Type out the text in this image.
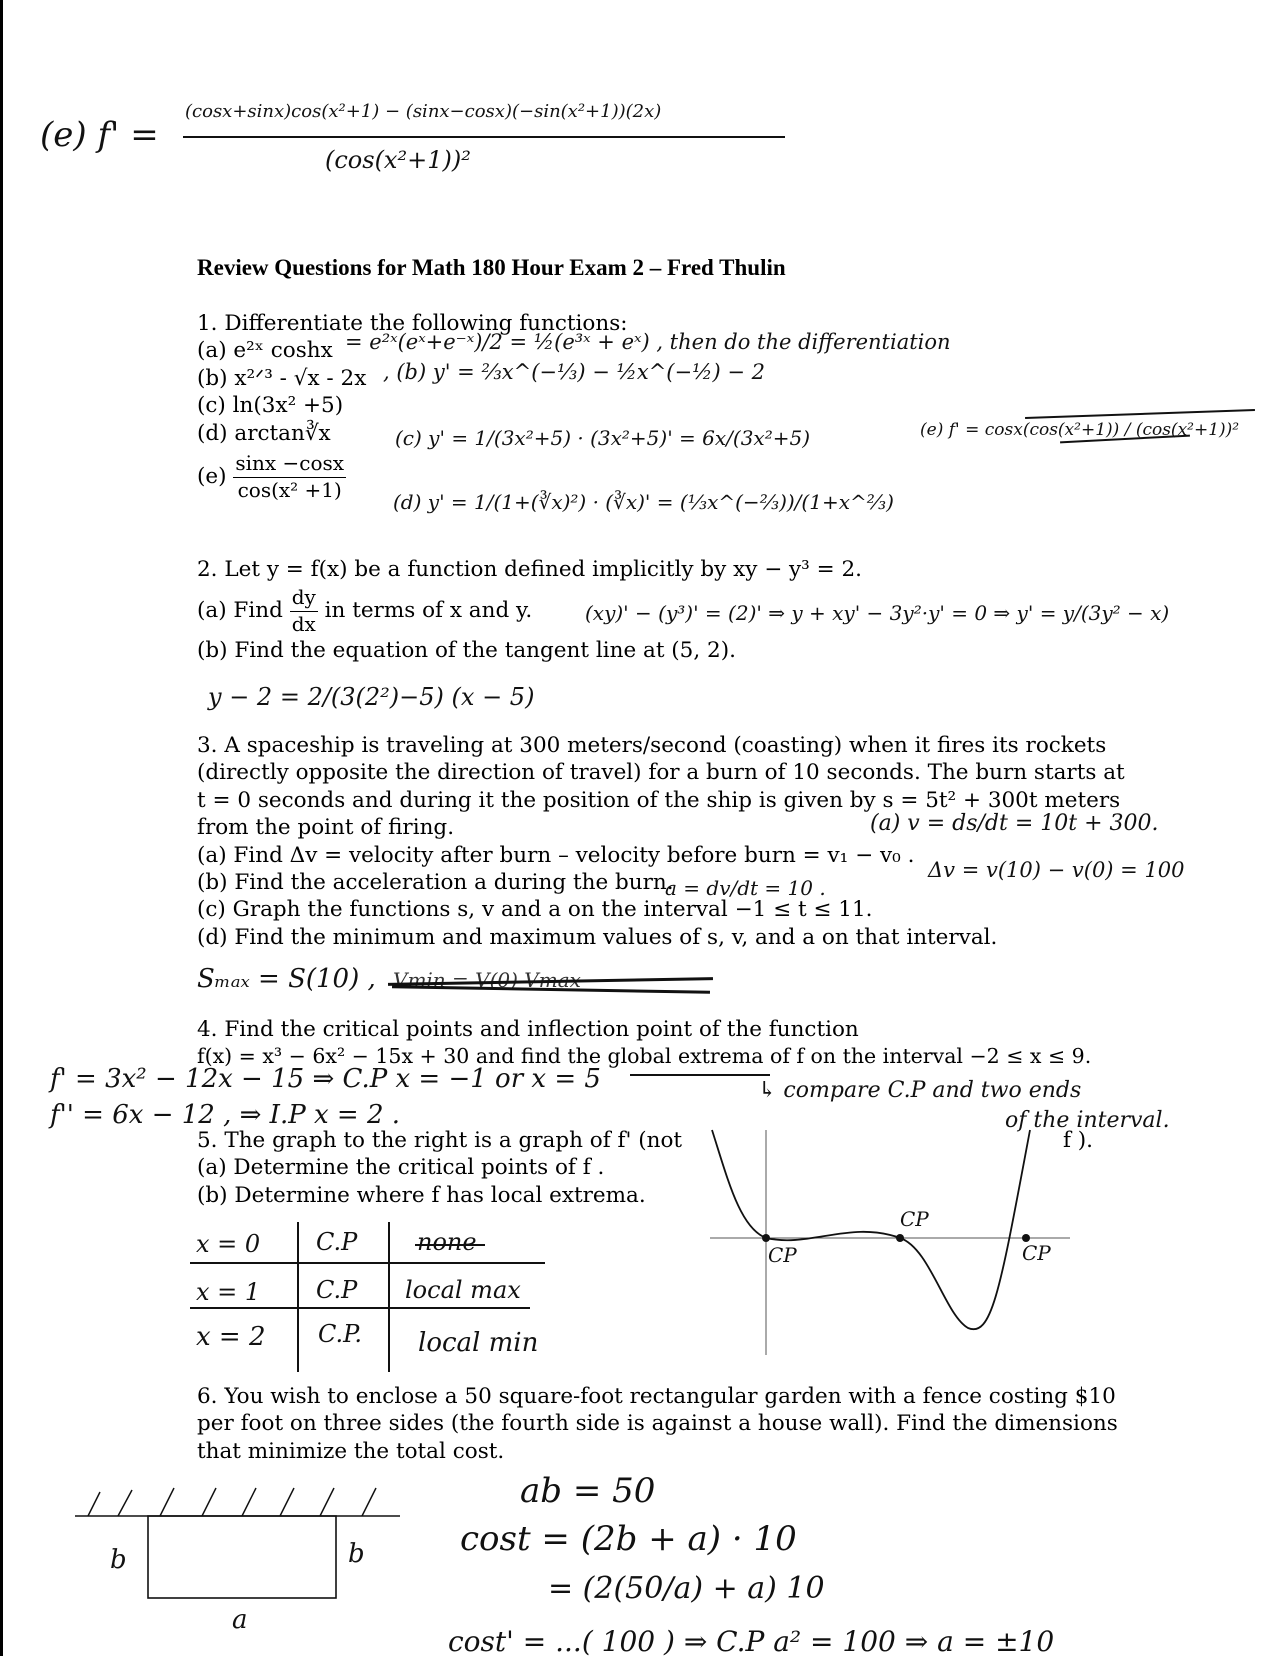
(e) f' =
(cosx+sinx)cos(x²+1) − (sinx−cosx)(−sin(x²+1))(2x)
(cos(x²+1))²
Review Questions for Math 180 Hour Exam 2 – Fred Thulin
1. Differentiate the following functions:
(a) e²ˣ coshx
(b) x²ᐟ³ - √x - 2x
(c) ln(3x² +5)
(d) arctan∛x
$(e) \frac{\sin x -\cos x}{\text{cos(x² +1)}}$
= e²ˣ(eˣ+e⁻ˣ)/2 = ½(e³ˣ + eˣ) , then do the differentiation
, (b) y' = ⅔x^(−⅓) − ½x^(−½) − 2
(c) y' = 1/(3x²+5) · (3x²+5)' = 6x/(3x²+5)
(d) y' = 1/(1+(∛x)²) · (∛x)' = (⅓x^(−⅔))/(1+x^⅔)
(e) f' = cosx(cos(x²+1)) / (cos(x²+1))²
2. Let y = f(x) be a function defined implicitly by xy − y³ = 2.
(a) Find $\frac{dy}{dx}$ in terms of x and y.
(b) Find the equation of the tangent line at (5, 2).
(xy)' − (y³)' = (2)' ⇒ y + xy' − 3y²·y' = 0 ⇒ y' = y/(3y² − x)
y − 2 = 2/(3(2²)−5) (x − 5)
3. A spaceship is traveling at 300 meters/second (coasting) when it fires its rockets
(directly opposite the direction of travel) for a burn of 10 seconds. The burn starts at
t = 0 seconds and during it the position of the ship is given by s = 5t² + 300t meters
from the point of firing.
(a) Find Δv = velocity after burn – velocity before burn = v₁ − v₀ .
(b) Find the acceleration a during the burn.
(c) Graph the functions s, v and a on the interval −1 ≤ t ≤ 11.
(d) Find the minimum and maximum values of s, v, and a on that interval.
(a) v = ds/dt = 10t + 300.
Δv = v(10) − v(0) = 100
a = dv/dt = 10 .
Sₘₐₓ = S(10) , Vmin = V(0) Vmax
4. Find the critical points and inflection point of the function
f(x) = x³ − 6x² − 15x + 30 and find the global extrema of f on the interval −2 ≤ x ≤ 9.
f' = 3x² − 12x − 15 ⇒ C.P x = −1 or x = 5
f'' = 6x − 12 , ⇒ I.P x = 2 .
↳ compare C.P and two ends
of the interval.
5. The graph to the right is a graph of f' (not
(a) Determine the critical points of f .
(b) Determine where f has local extrema.
f ).
x = 0 C.P none
x = 1 C.P local max
x = 2 C.P. local min
CP
CP
CP
6. You wish to enclose a 50 square-foot rectangular garden with a fence costing $10
per foot on three sides (the fourth side is against a house wall). Find the dimensions
that minimize the total cost.
b	b
a
ab = 50
cost = (2b + a) · 10
= (2(50/a) + a) 10
cost' = ...( 100 ) ⇒ C.P a² = 100 ⇒ a = ±10
